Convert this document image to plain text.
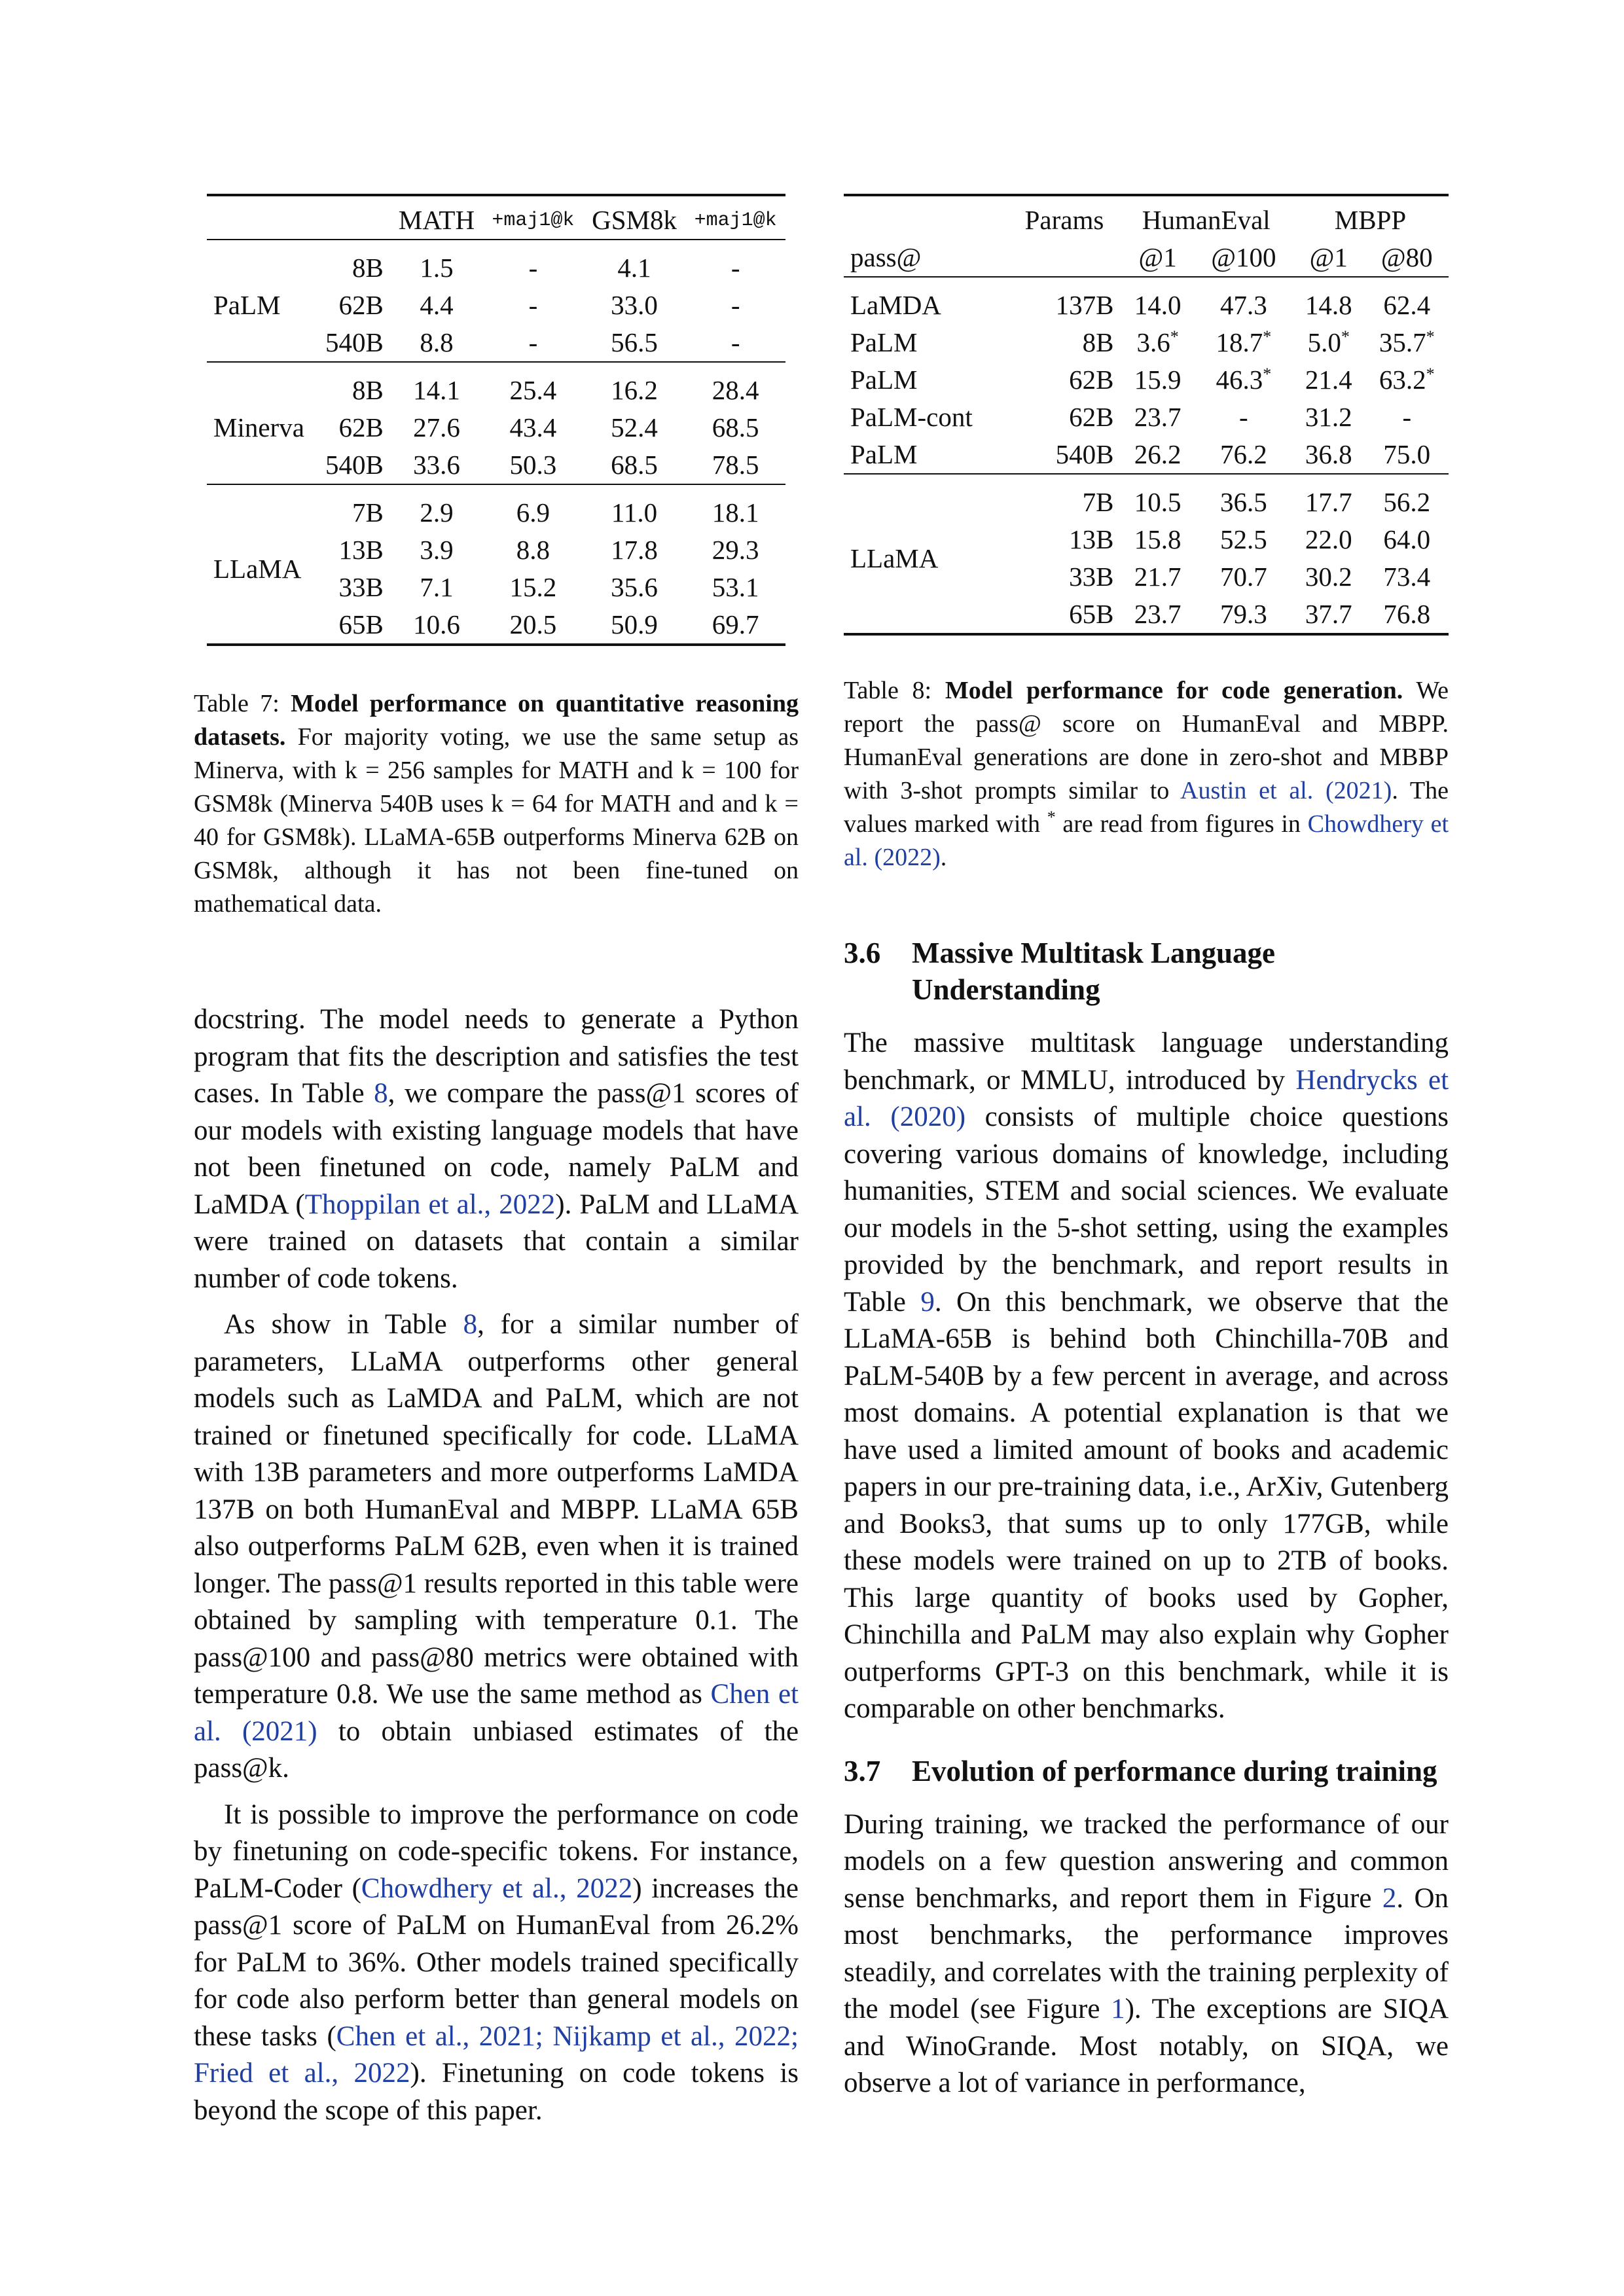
		MATH	+maj1@k	GSM8k	+maj1@k

PaLM	8B	1.5	-	4.1	-
	62B	4.4	-	33.0	-
	540B	8.8	-	56.5	-

Minerva	8B	14.1	25.4	16.2	28.4
	62B	27.6	43.4	52.4	68.5
	540B	33.6	50.3	68.5	78.5

LLaMA	7B	2.9	6.9	11.0	18.1
	13B	3.9	8.8	17.8	29.3
	33B	7.1	15.2	35.6	53.1
	65B	10.6	20.5	50.9	69.7

Table 7: Model performance on quantitative reasoning datasets. For majority voting, we use the same setup as Minerva, with k = 256 samples for MATH and k = 100 for GSM8k (Minerva 540B uses k = 64 for MATH and and k = 40 for GSM8k). LLaMA-65B outperforms Minerva 62B on GSM8k, although it has not been fine-tuned on mathematical data.

docstring. The model needs to generate a Python program that fits the description and satisfies the test cases. In Table 8, we compare the pass@1 scores of our models with existing language models that have not been finetuned on code, namely PaLM and LaMDA (Thoppilan et al., 2022). PaLM and LLaMA were trained on datasets that contain a similar number of code tokens.

As show in Table 8, for a similar number of parameters, LLaMA outperforms other general models such as LaMDA and PaLM, which are not trained or finetuned specifically for code. LLaMA with 13B parameters and more outperforms LaMDA 137B on both HumanEval and MBPP. LLaMA 65B also outperforms PaLM 62B, even when it is trained longer. The pass@1 results reported in this table were obtained by sampling with temperature 0.1. The pass@100 and pass@80 metrics were obtained with temperature 0.8. We use the same method as Chen et al. (2021) to obtain unbiased estimates of the pass@k.

It is possible to improve the performance on code by finetuning on code-specific tokens. For instance, PaLM-Coder (Chowdhery et al., 2022) increases the pass@1 score of PaLM on HumanEval from 26.2% for PaLM to 36%. Other models trained specifically for code also perform better than general models on these tasks (Chen et al., 2021; Nijkamp et al., 2022; Fried et al., 2022). Finetuning on code tokens is beyond the scope of this paper.

	Params	HumanEval		MBPP	
pass@		@1	@100	@1	@80

LaMDA	137B	14.0	47.3	14.8	62.4
PaLM	8B	3.6*	18.7*	5.0*	35.7*
PaLM	62B	15.9	46.3*	21.4	63.2*
PaLM-cont	62B	23.7	-	31.2	-
PaLM	540B	26.2	76.2	36.8	75.0

LLaMA	7B	10.5	36.5	17.7	56.2
	13B	15.8	52.5	22.0	64.0
	33B	21.7	70.7	30.2	73.4
	65B	23.7	79.3	37.7	76.8

Table 8: Model performance for code generation. We report the pass@ score on HumanEval and MBPP. HumanEval generations are done in zero-shot and MBBP with 3-shot prompts similar to Austin et al. (2021). The values marked with * are read from figures in Chowdhery et al. (2022).

3.6	Massive Multitask Language Understanding

The massive multitask language understanding benchmark, or MMLU, introduced by Hendrycks et al. (2020) consists of multiple choice questions covering various domains of knowledge, including humanities, STEM and social sciences. We evaluate our models in the 5-shot setting, using the examples provided by the benchmark, and report results in Table 9. On this benchmark, we observe that the LLaMA-65B is behind both Chinchilla-70B and PaLM-540B by a few percent in average, and across most domains. A potential explanation is that we have used a limited amount of books and academic papers in our pre-training data, i.e., ArXiv, Gutenberg and Books3, that sums up to only 177GB, while these models were trained on up to 2TB of books. This large quantity of books used by Gopher, Chinchilla and PaLM may also explain why Gopher outperforms GPT-3 on this benchmark, while it is comparable on other benchmarks.

3.7	Evolution of performance during training

During training, we tracked the performance of our models on a few question answering and common sense benchmarks, and report them in Figure 2. On most benchmarks, the performance improves steadily, and correlates with the training perplexity of the model (see Figure 1). The exceptions are SIQA and WinoGrande. Most notably, on SIQA, we observe a lot of variance in performance,
